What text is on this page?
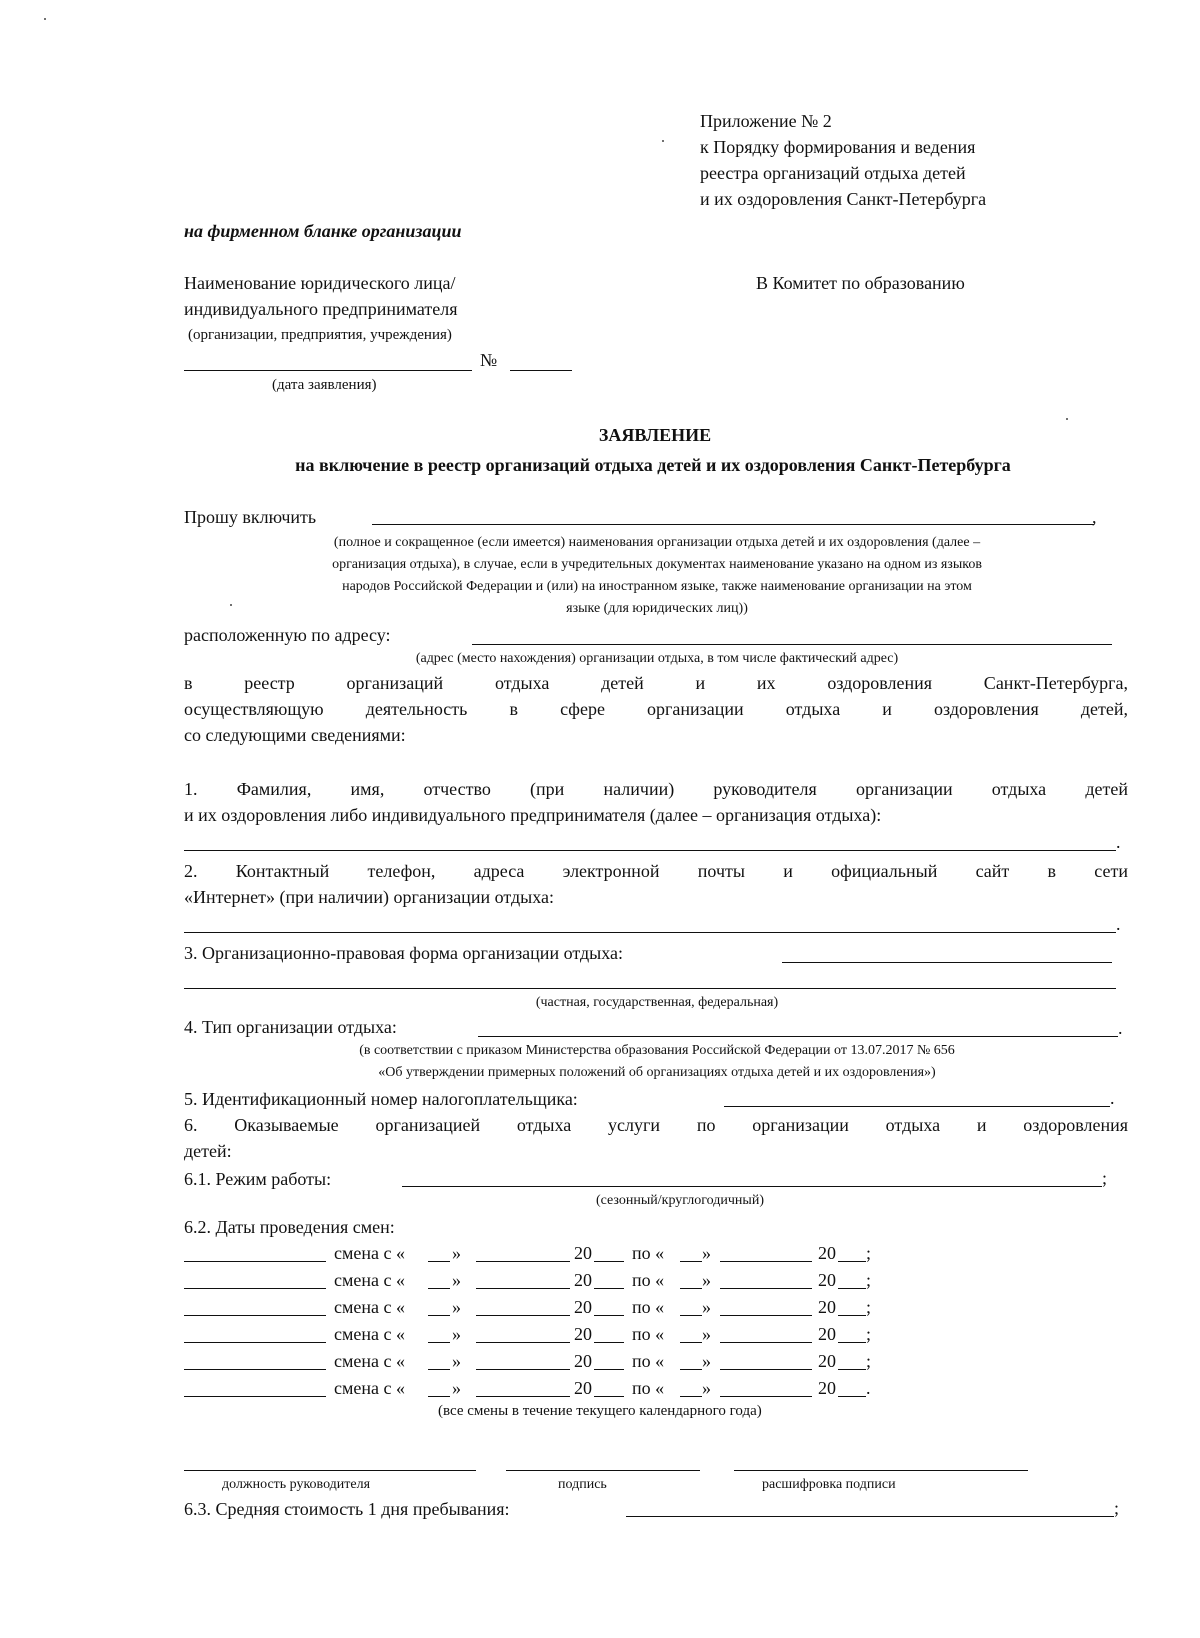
Приложение № 2
к Порядку формирования и ведения
реестра организаций отдыха детей
и их оздоровления Санкт-Петербурга
на фирменном бланке организации
Наименование юридического лица/
индивидуального предпринимателя
(организации, предприятия, учреждения)
№
(дата заявления)
В Комитет по образованию
ЗАЯВЛЕНИЕ
на включение в реестр организаций отдыха детей и их оздоровления Санкт-Петербурга
Прошу включить	,
(полное и сокращенное (если имеется) наименования организации отдыха детей и их оздоровления (далее –
организация отдыха), в случае, если в учредительных документах наименование указано на одном из языков
народов Российской Федерации и (или) на иностранном языке, также наименование организации на этом
языке (для юридических лиц))
расположенную по адресу:
(адрес (место нахождения) организации отдыха, в том числе фактический адрес)
в реестр организаций отдыха детей и их оздоровления Санкт-Петербурга,
осуществляющую деятельность в сфере организации отдыха и оздоровления детей,
со следующими сведениями:
1. Фамилия, имя, отчество (при наличии) руководителя организации отдыха детей
и их оздоровления либо индивидуального предпринимателя (далее – организация отдыха):
.
2. Контактный телефон, адреса электронной почты и официальный сайт в сети
«Интернет» (при наличии) организации отдыха:
.
3. Организационно-правовая форма организации отдыха:
(частная, государственная, федеральная)
4. Тип организации отдыха:	.
(в соответствии с приказом Министерства образования Российской Федерации от 13.07.2017 № 656
«Об утверждении примерных положений об организациях отдыха детей и их оздоровления»)
5. Идентификационный номер налогоплательщика:	.
6. Оказываемые организацией отдыха услуги по организации отдыха и оздоровления
детей:
6.1. Режим работы:	;
(сезонный/круглогодичный)
6.2. Даты проведения смен:
смена с «	»	20 по « »	20 ;
смена с «	»	20 по « »	20 ;
смена с «	»	20 по « »	20 ;
смена с «	»	20 по « »	20 ;
смена с «	»	20 по « »	20 ;
смена с «	»	20 по « »	20 .
(все смены в течение текущего календарного года)
должность руководителя	подпись	расшифровка подписи
6.3. Средняя стоимость 1 дня пребывания:	;
